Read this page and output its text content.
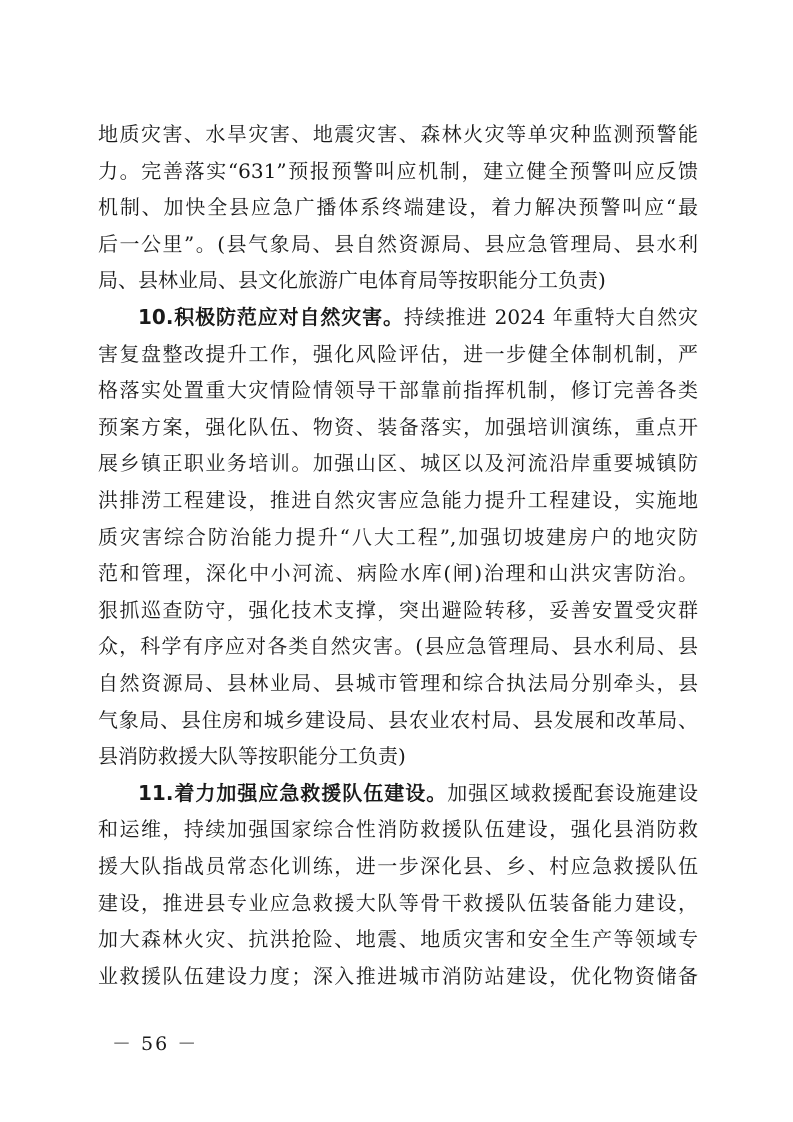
地质灾害、水旱灾害、地震灾害、森林火灾等单灾种监测预警能
力。完善落实“631”预报预警叫应机制，建立健全预警叫应反馈
机制、加快全县应急广播体系终端建设，着力解决预警叫应“最
后一公里”。(县气象局、县自然资源局、县应急管理局、县水利
局、县林业局、县文化旅游广电体育局等按职能分工负责)
10.积极防范应对自然灾害。持续推进 2024 年重特大自然灾
害复盘整改提升工作，强化风险评估，进一步健全体制机制，严
格落实处置重大灾情险情领导干部靠前指挥机制，修订完善各类
预案方案，强化队伍、物资、装备落实，加强培训演练，重点开
展乡镇正职业务培训。加强山区、城区以及河流沿岸重要城镇防
洪排涝工程建设，推进自然灾害应急能力提升工程建设，实施地
质灾害综合防治能力提升“八大工程”,加强切坡建房户的地灾防
范和管理，深化中小河流、病险水库(闸)治理和山洪灾害防治。
狠抓巡查防守，强化技术支撑，突出避险转移，妥善安置受灾群
众，科学有序应对各类自然灾害。(县应急管理局、县水利局、县
自然资源局、县林业局、县城市管理和综合执法局分别牵头，县
气象局、县住房和城乡建设局、县农业农村局、县发展和改革局、
县消防救援大队等按职能分工负责)
11.着力加强应急救援队伍建设。加强区域救援配套设施建设
和运维，持续加强国家综合性消防救援队伍建设，强化县消防救
援大队指战员常态化训练，进一步深化县、乡、村应急救援队伍
建设，推进县专业应急救援大队等骨干救援队伍装备能力建设，
加大森林火灾、抗洪抢险、地震、地质灾害和安全生产等领域专
业救援队伍建设力度；深入推进城市消防站建设，优化物资储备
－ 56 －
